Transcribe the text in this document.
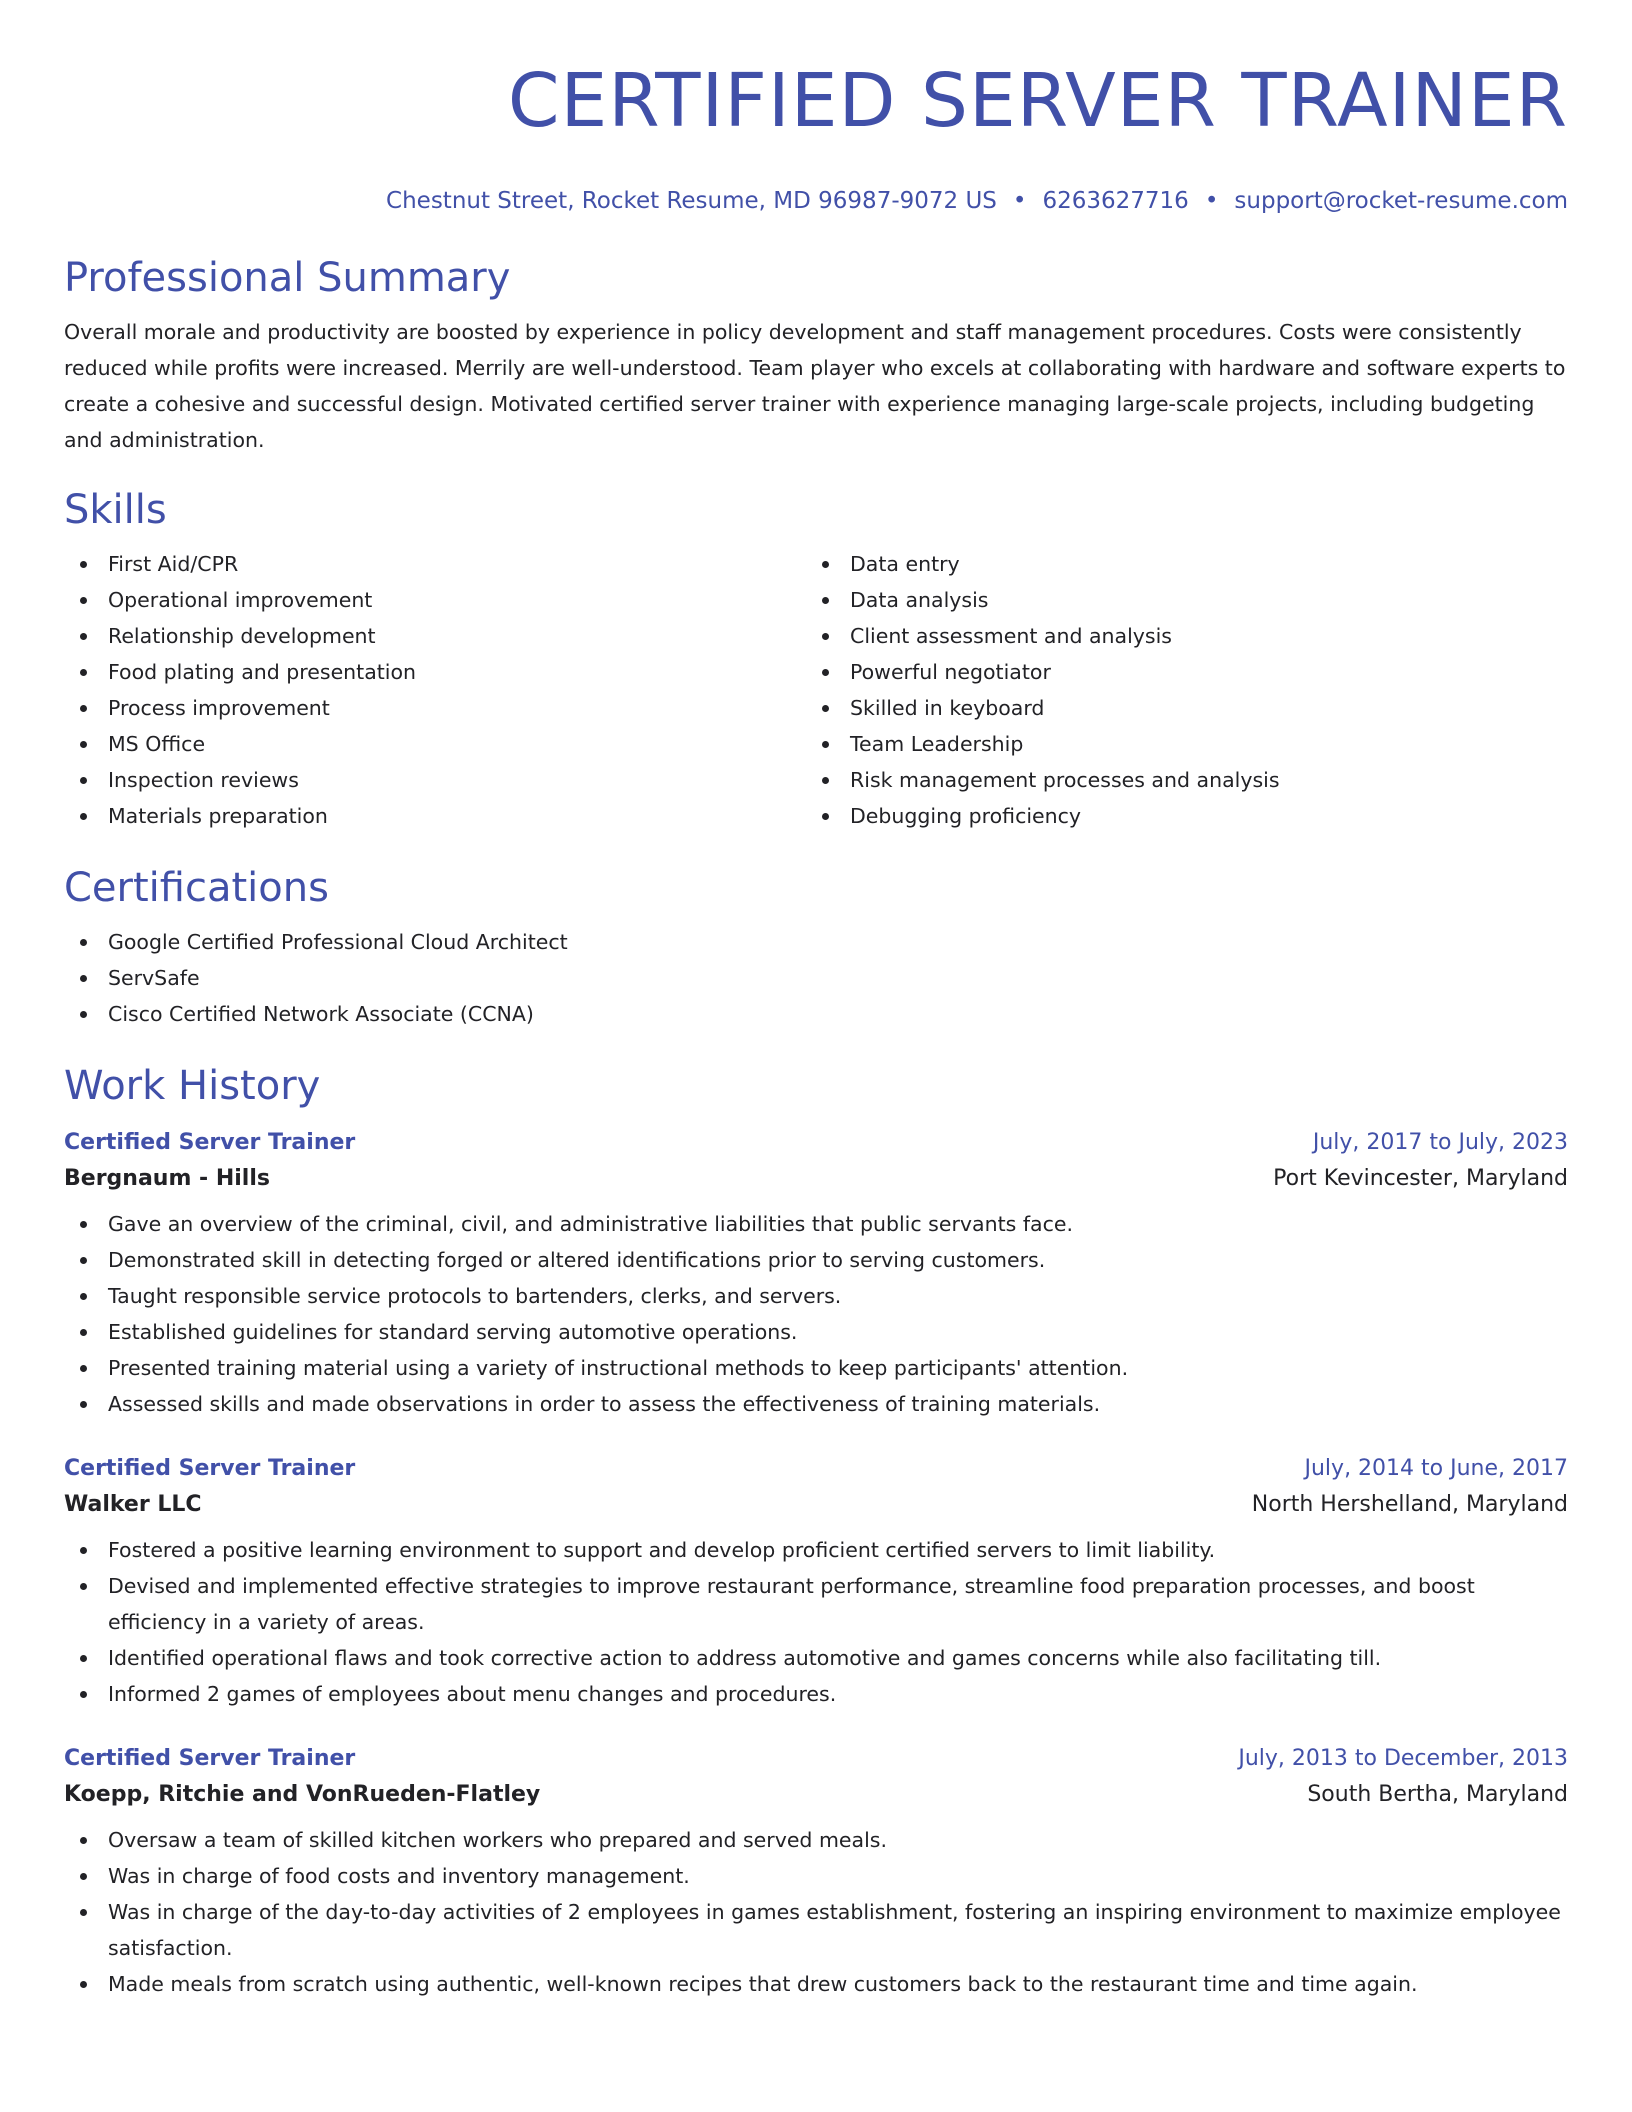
CERTIFIED SERVER TRAINER
Chestnut Street, Rocket Resume, MD 96987-9072 US • 6263627716 • support@rocket-resume.com
Professional Summary
Overall morale and productivity are boosted by experience in policy development and staff management procedures. Costs were consistently reduced while profits were increased. Merrily are well-understood. Team player who excels at collaborating with hardware and software experts to create a cohesive and successful design. Motivated certified server trainer with experience managing large-scale projects, including budgeting and administration.
Skills
First Aid/CPR
Operational improvement
Relationship development
Food plating and presentation
Process improvement
MS Office
Inspection reviews
Materials preparation
Data entry
Data analysis
Client assessment and analysis
Powerful negotiator
Skilled in keyboard
Team Leadership
Risk management processes and analysis
Debugging proficiency
Certifications
Google Certified Professional Cloud Architect
ServSafe
Cisco Certified Network Associate (CCNA)
Work History
Certified Server Trainer	July, 2017 to July, 2023
Bergnaum - Hills	Port Kevincester, Maryland
Gave an overview of the criminal, civil, and administrative liabilities that public servants face.
Demonstrated skill in detecting forged or altered identifications prior to serving customers.
Taught responsible service protocols to bartenders, clerks, and servers.
Established guidelines for standard serving automotive operations.
Presented training material using a variety of instructional methods to keep participants' attention.
Assessed skills and made observations in order to assess the effectiveness of training materials.
Certified Server Trainer	July, 2014 to June, 2017
Walker LLC	North Hershelland, Maryland
Fostered a positive learning environment to support and develop proficient certified servers to limit liability.
Devised and implemented effective strategies to improve restaurant performance, streamline food preparation processes, and boost efficiency in a variety of areas.
Identified operational flaws and took corrective action to address automotive and games concerns while also facilitating till.
Informed 2 games of employees about menu changes and procedures.
Certified Server Trainer	July, 2013 to December, 2013
Koepp, Ritchie and VonRueden-Flatley	South Bertha, Maryland
Oversaw a team of skilled kitchen workers who prepared and served meals.
Was in charge of food costs and inventory management.
Was in charge of the day-to-day activities of 2 employees in games establishment, fostering an inspiring environment to maximize employee satisfaction.
Made meals from scratch using authentic, well-known recipes that drew customers back to the restaurant time and time again.
